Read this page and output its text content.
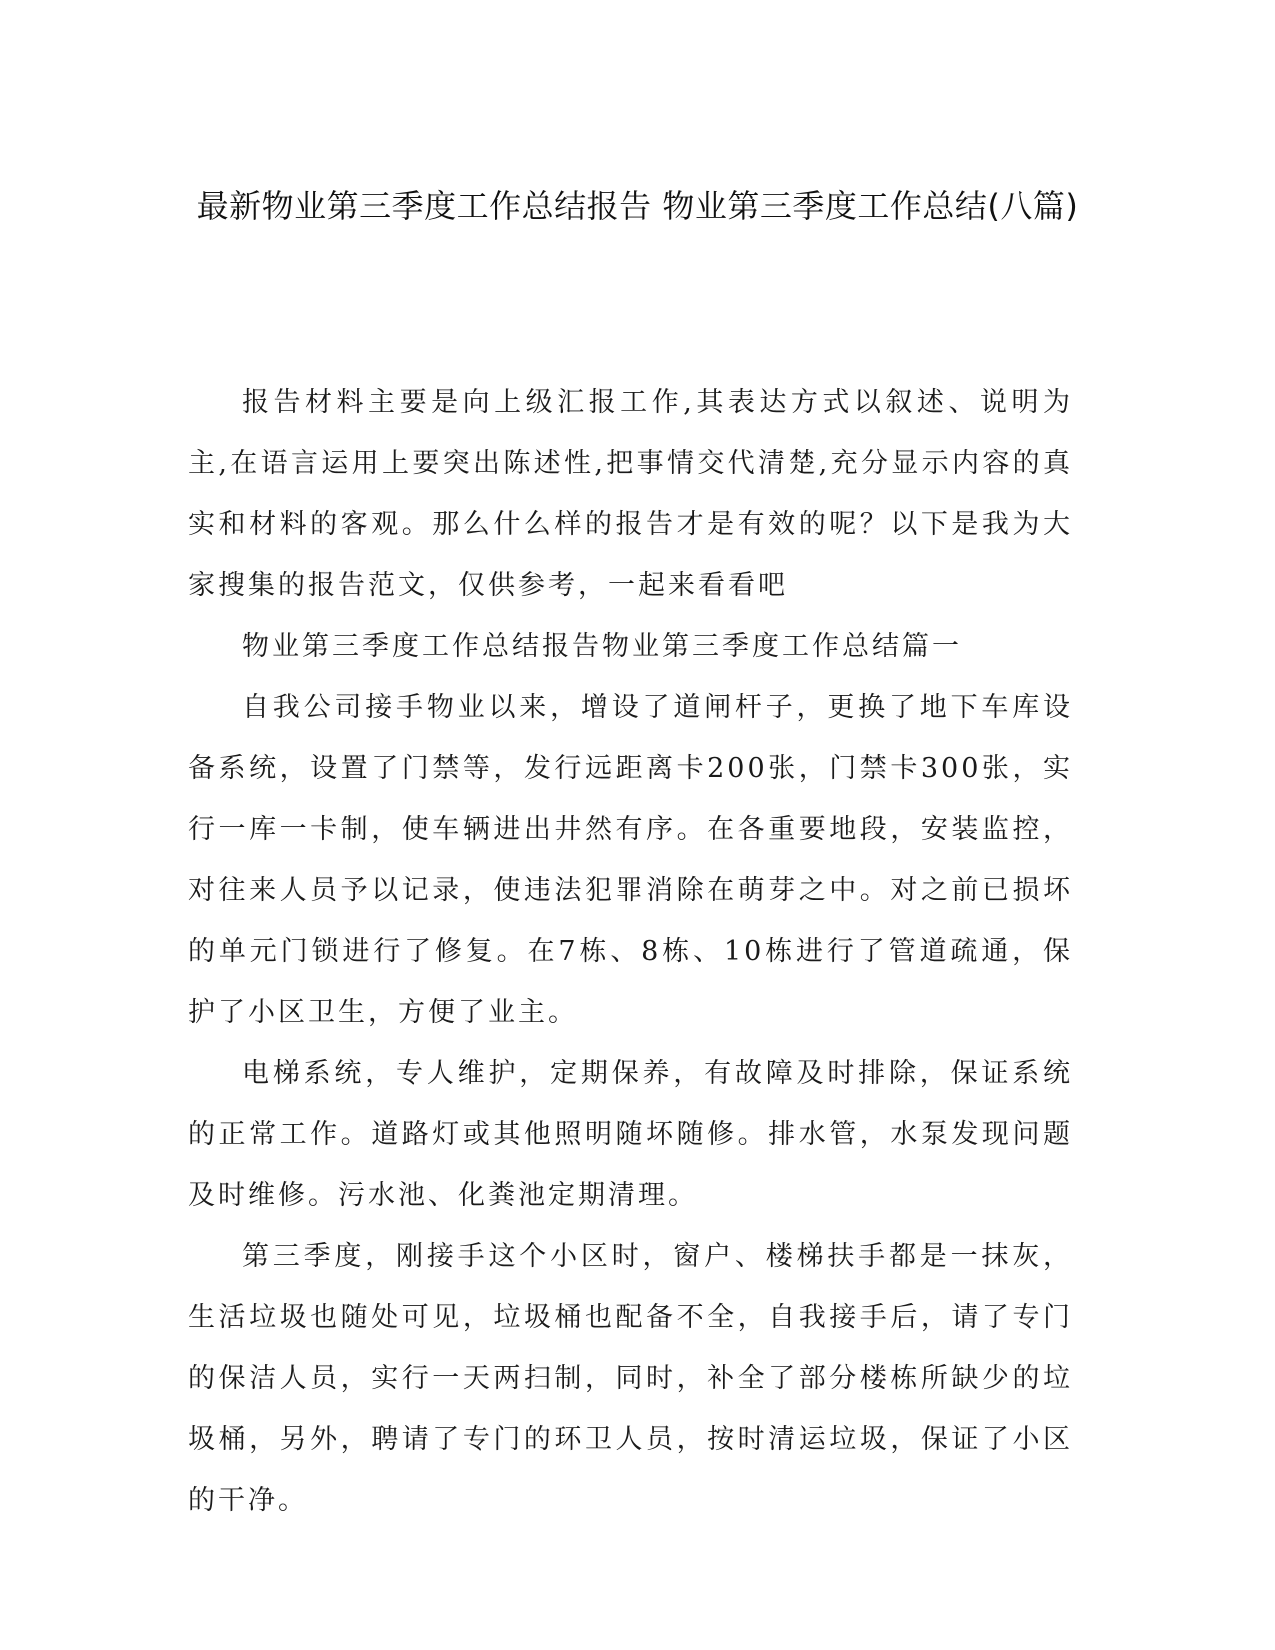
最新物业第三季度工作总结报告 物业第三季度工作总结(八篇)

报告材料主要是向上级汇报工作,其表达方式以叙述、说明为主,在语言运用上要突出陈述性,把事情交代清楚,充分显示内容的真实和材料的客观。那么什么样的报告才是有效的呢？以下是我为大家搜集的报告范文，仅供参考，一起来看看吧

物业第三季度工作总结报告物业第三季度工作总结篇一

自我公司接手物业以来，增设了道闸杆子，更换了地下车库设备系统，设置了门禁等，发行远距离卡200张，门禁卡300张，实行一库一卡制，使车辆进出井然有序。在各重要地段，安装监控，对往来人员予以记录，使违法犯罪消除在萌芽之中。对之前已损坏的单元门锁进行了修复。在7栋、8栋、10栋进行了管道疏通，保护了小区卫生，方便了业主。

电梯系统，专人维护，定期保养，有故障及时排除，保证系统的正常工作。道路灯或其他照明随坏随修。排水管，水泵发现问题及时维修。污水池、化粪池定期清理。

第三季度，刚接手这个小区时，窗户、楼梯扶手都是一抹灰，生活垃圾也随处可见，垃圾桶也配备不全，自我接手后，请了专门的保洁人员，实行一天两扫制，同时，补全了部分楼栋所缺少的垃圾桶，另外，聘请了专门的环卫人员，按时清运垃圾，保证了小区的干净。
